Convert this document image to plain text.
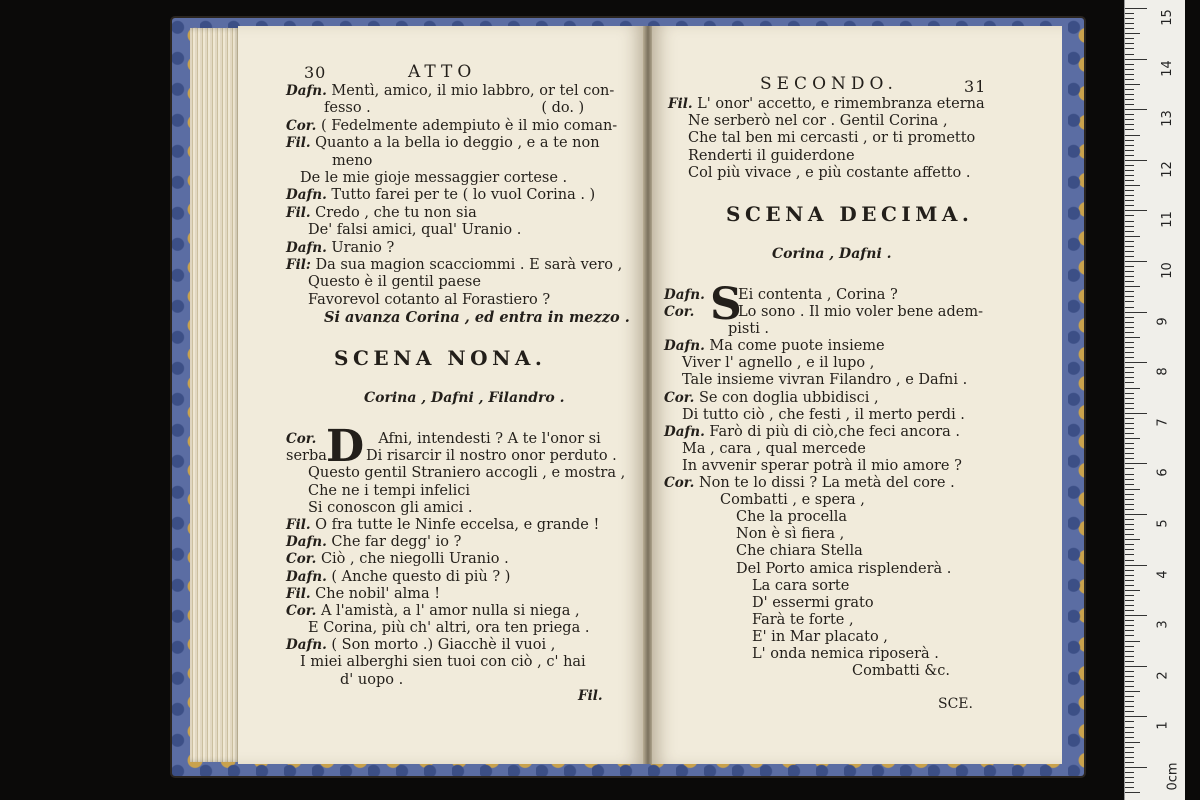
30	ATTO
Dafn. Mentì, amico, il mio labbro, or tel con-
fesso .                                     ( do. )
Cor. ( Fedelmente adempiuto è il mio coman-
Fil. Quanto a la bella io deggio , e a te non
meno
De le mie gioje messaggier cortese .
Dafn. Tutto farei per te ( lo vuol Corina . )
Fil. Credo , che tu non sia
De' falsi amici, qual' Uranio .
Dafn. Uranio ?
Fil: Da sua magion scacciommi . E sarà vero ,
Questo è il gentil paese
Favorevol cotanto al Forastiero ?
Si avanza Corina , ed entra in mezzo .
SCENA NONA.
Corina , Dafni , Filandro .
D
Cor.	Afni, intendesti ? A te l'onor si serba	Di risarcir il nostro onor perduto .
Questo gentil Straniero accogli , e mostra ,
Che ne i tempi infelici
Si conoscon gli amici .
Fil. O fra tutte le Ninfe eccelsa, e grande !
Dafn. Che far degg' io ?
Cor. Ciò , che niegolli Uranio .
Dafn. ( Anche questo di più ? )
Fil. Che nobil' alma !
Cor. A l'amistà, a l' amor nulla si niega ,
E Corina, più ch' altri, ora ten priega .
Dafn. ( Son morto .) Giacchè il vuoi ,
I miei alberghi sien tuoi con ciò , c' hai
d' uopo .
Fil.
SECONDO.	31
Fil. L' onor' accetto, e rimembranza eterna
Ne serberò nel cor . Gentil Corina ,
Che tal ben mi cercasti , or ti prometto
Renderti il guiderdone
Col più vivace , e più costante affetto .
SCENA DECIMA.
Corina , Dafni .
S
Dafn. Ei contenta , Corina ?
Cor.	Lo sono . Il mio voler bene adem-
pisti .
Dafn. Ma come puote insieme
Viver l' agnello , e il lupo ,
Tale insieme vivran Filandro , e Dafni .
Cor. Se con doglia ubbidisci ,
Di tutto ciò , che festi , il merto perdi .
Dafn. Farò di più di ciò,che feci ancora .
Ma , cara , qual mercede
In avvenir sperar potrà il mio amore ?
Cor. Non te lo dissi ? La metà del core .
Combatti , e spera ,
Che la procella
Non è sì fiera ,
Che chiara Stella
Del Porto amica risplenderà .
La cara sorte
D' essermi grato
Farà te forte ,
E' in Mar placato ,
L' onda nemica riposerà .
Combatti &c.
SCE.
15
14
13
12
11
10
9
8
7
6
5
4
3
2
1
0cm
